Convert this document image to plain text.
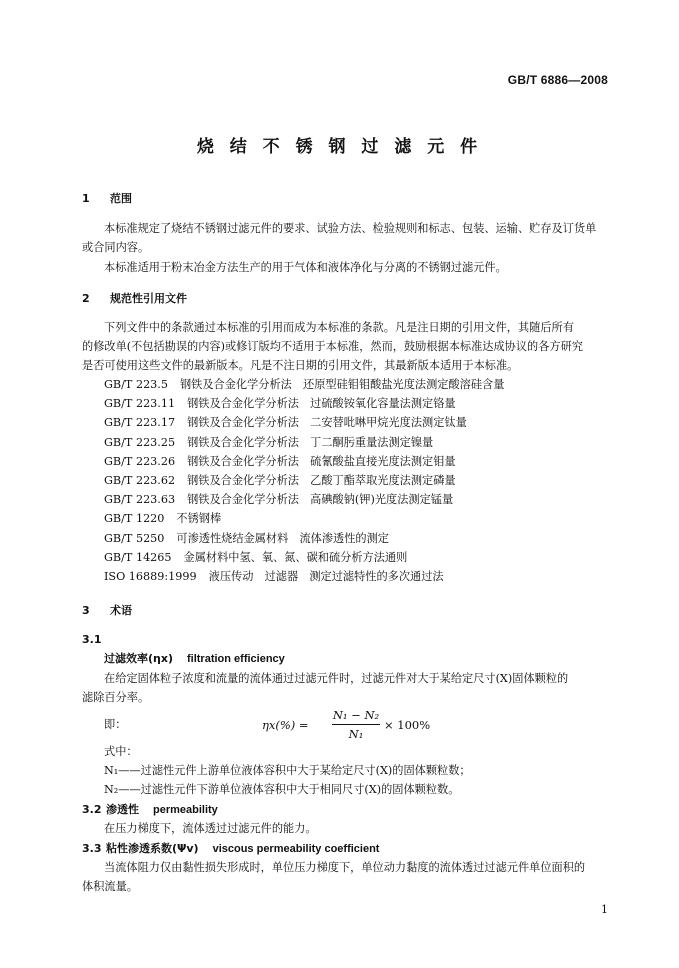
GB/T 6886—2008
烧 结 不 锈 钢 过 滤 元 件
1 范围
本标准规定了烧结不锈钢过滤元件的要求、试验方法、检验规则和标志、包装、运输、贮存及订货单
或合同内容。
本标准适用于粉末冶金方法生产的用于气体和液体净化与分离的不锈钢过滤元件。
2 规范性引用文件
下列文件中的条款通过本标准的引用而成为本标准的条款。凡是注日期的引用文件，其随后所有
的修改单(不包括勘误的内容)或修订版均不适用于本标准，然而，鼓励根据本标准达成协议的各方研究
是否可使用这些文件的最新版本。凡是不注日期的引用文件，其最新版本适用于本标准。
GB/T 223.5 钢铁及合金化学分析法　还原型硅钼钼酸盐光度法测定酸溶硅含量
GB/T 223.11 钢铁及合金化学分析法　过硫酸铵氧化容量法测定铬量
GB/T 223.17 钢铁及合金化学分析法　二安替吡啉甲烷光度法测定钛量
GB/T 223.25 钢铁及合金化学分析法　丁二酮肟重量法测定镍量
GB/T 223.26 钢铁及合金化学分析法　硫氰酸盐直接光度法测定钼量
GB/T 223.62 钢铁及合金化学分析法　乙酸丁酯萃取光度法测定磷量
GB/T 223.63 钢铁及合金化学分析法　高碘酸钠(钾)光度法测定锰量
GB/T 1220 不锈钢棒
GB/T 5250 可渗透性烧结金属材料　流体渗透性的测定
GB/T 14265 金属材料中氢、氧、氮、碳和硫分析方法通则
ISO 16889:1999 液压传动　过滤器　测定过滤特性的多次通过法
3 术语
3.1
过滤效率(ηx) filtration efficiency
在给定固体粒子浓度和流量的流体通过过滤元件时，过滤元件对大于某给定尺寸(X)固体颗粒的
滤除百分率。
即：	ηx(%) =
N₁ − N₂
N₁
× 100%
式中：
N₁——过滤性元件上游单位液体容积中大于某给定尺寸(X)的固体颗粒数；
N₂——过滤性元件下游单位液体容积中大于相同尺寸(X)的固体颗粒数。
3.2 渗透性 permeability
在压力梯度下，流体透过过滤元件的能力。
3.3 粘性渗透系数(Ψv) viscous permeability coefficient
当流体阻力仅由黏性损失形成时，单位压力梯度下，单位动力黏度的流体透过过滤元件单位面积的
体积流量。
1
